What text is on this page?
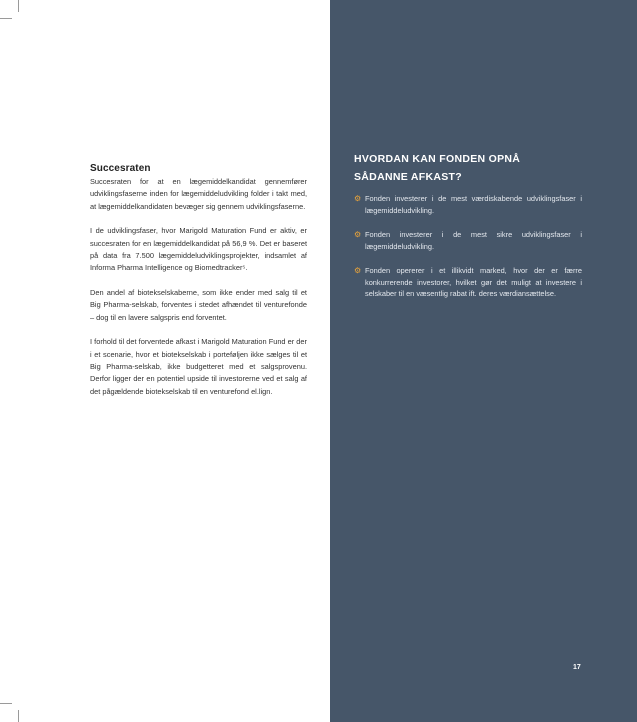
Succesraten

Succesraten for at en lægemiddelkandidat gennemfører udviklingsfaserne inden for lægemiddeludvikling folder i takt med, at lægemiddelkandidaten bevæger sig gennem udviklingsfaserne.

I de udviklingsfaser, hvor Marigold Maturation Fund er aktiv, er succesraten for en lægemiddelkandidat på 56,9 %. Det er baseret på data fra 7.500 lægemiddeludviklingsprojekter, indsamlet af Informa Pharma Intelligence og Biomedtracker⁵.

Den andel af biotekselskaberne, som ikke ender med salg til et Big Pharma-selskab, forventes i stedet afhændet til venturefonde – dog til en lavere salgspris end forventet.

I forhold til det forventede afkast i Marigold Maturation Fund er der i et scenarie, hvor et biotekselskab i porteføljen ikke sælges til et Big Pharma-selskab, ikke budgetteret med et salgsprovenu. Derfor ligger der en potentiel upside til investorerne ved et salg af det pågældende biotekselskab til en venturefond el.lign.

HVORDAN KAN FONDEN OPNÅ
SÅDANNE AFKAST?
⚙ Fonden investerer i de mest værdiskabende udviklingsfaser i lægemiddeludvikling.
⚙ Fonden investerer i de mest sikre udviklingsfaser i lægemiddeludvikling.
⚙ Fonden opererer i et illikvidt marked, hvor der er færre konkurrerende investorer, hvilket gør det muligt at investere i selskaber til en væsentlig rabat ift. deres værdiansættelse.
17
